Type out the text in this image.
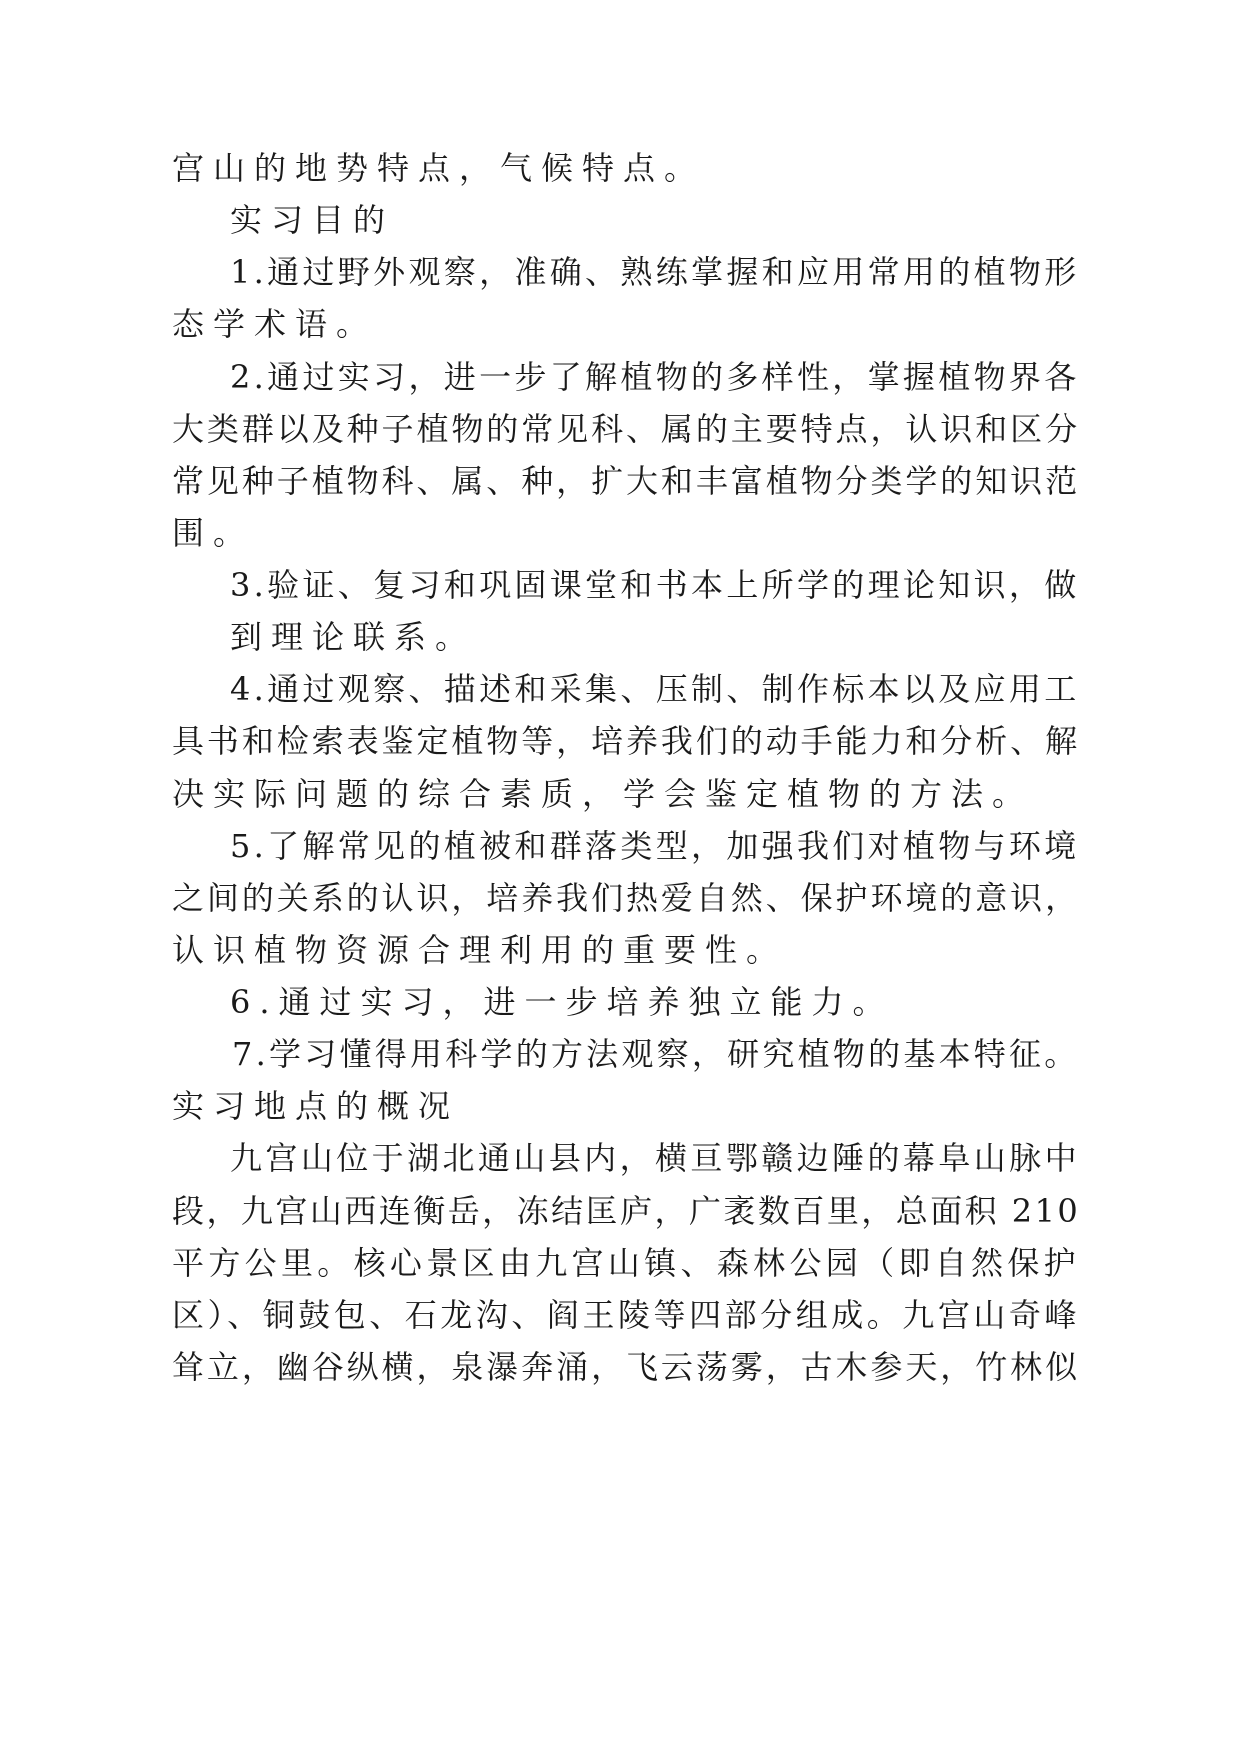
宫山的地势特点，气候特点。
实习目的
1.通过野外观察，准确、熟练掌握和应用常用的植物形
态学术语。
2.通过实习，进一步了解植物的多样性，掌握植物界各
大类群以及种子植物的常见科、属的主要特点，认识和区分
常见种子植物科、属、种，扩大和丰富植物分类学的知识范
围。
3.验证、复习和巩固课堂和书本上所学的理论知识，做
到理论联系。
4.通过观察、描述和采集、压制、制作标本以及应用工
具书和检索表鉴定植物等，培养我们的动手能力和分析、解
决实际问题的综合素质，学会鉴定植物的方法。
5.了解常见的植被和群落类型，加强我们对植物与环境
之间的关系的认识，培养我们热爱自然、保护环境的意识，
认识植物资源合理利用的重要性。
6.通过实习，进一步培养独立能力。
7.学习懂得用科学的方法观察，研究植物的基本特征。
实习地点的概况
九宫山位于湖北通山县内，横亘鄂赣边陲的幕阜山脉中
段，九宫山西连衡岳，冻结匡庐，广袤数百里，总面积 210
平方公里。核心景区由九宫山镇、森林公园（即自然保护
区）、铜鼓包、石龙沟、阎王陵等四部分组成。九宫山奇峰
耸立，幽谷纵横，泉瀑奔涌，飞云荡雾，古木参天，竹林似
